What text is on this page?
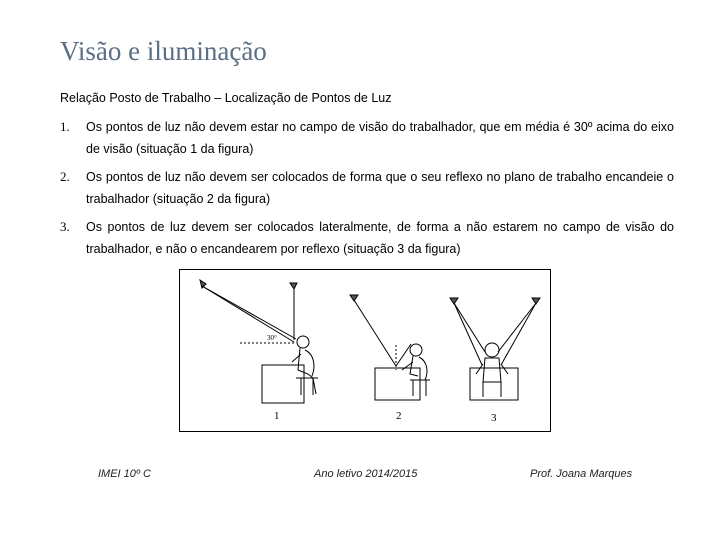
Visão e iluminação

Relação Posto de Trabalho – Localização de Pontos de Luz

1. Os pontos de luz não devem estar no campo de visão do trabalhador, que em média é 30º acima do eixo de visão (situação 1 da figura)
2. Os pontos de luz não devem ser colocados de forma que o seu reflexo no plano de trabalho encandeie o trabalhador (situação 2 da figura)
3. Os pontos de luz devem ser colocados lateralmente, de forma a não estarem no campo de visão do trabalhador, e não o encandearem por reflexo (situação 3 da figura)
30°
1	2	3
IMEI 10º C	Ano letivo 2014/2015	Prof. Joana Marques
